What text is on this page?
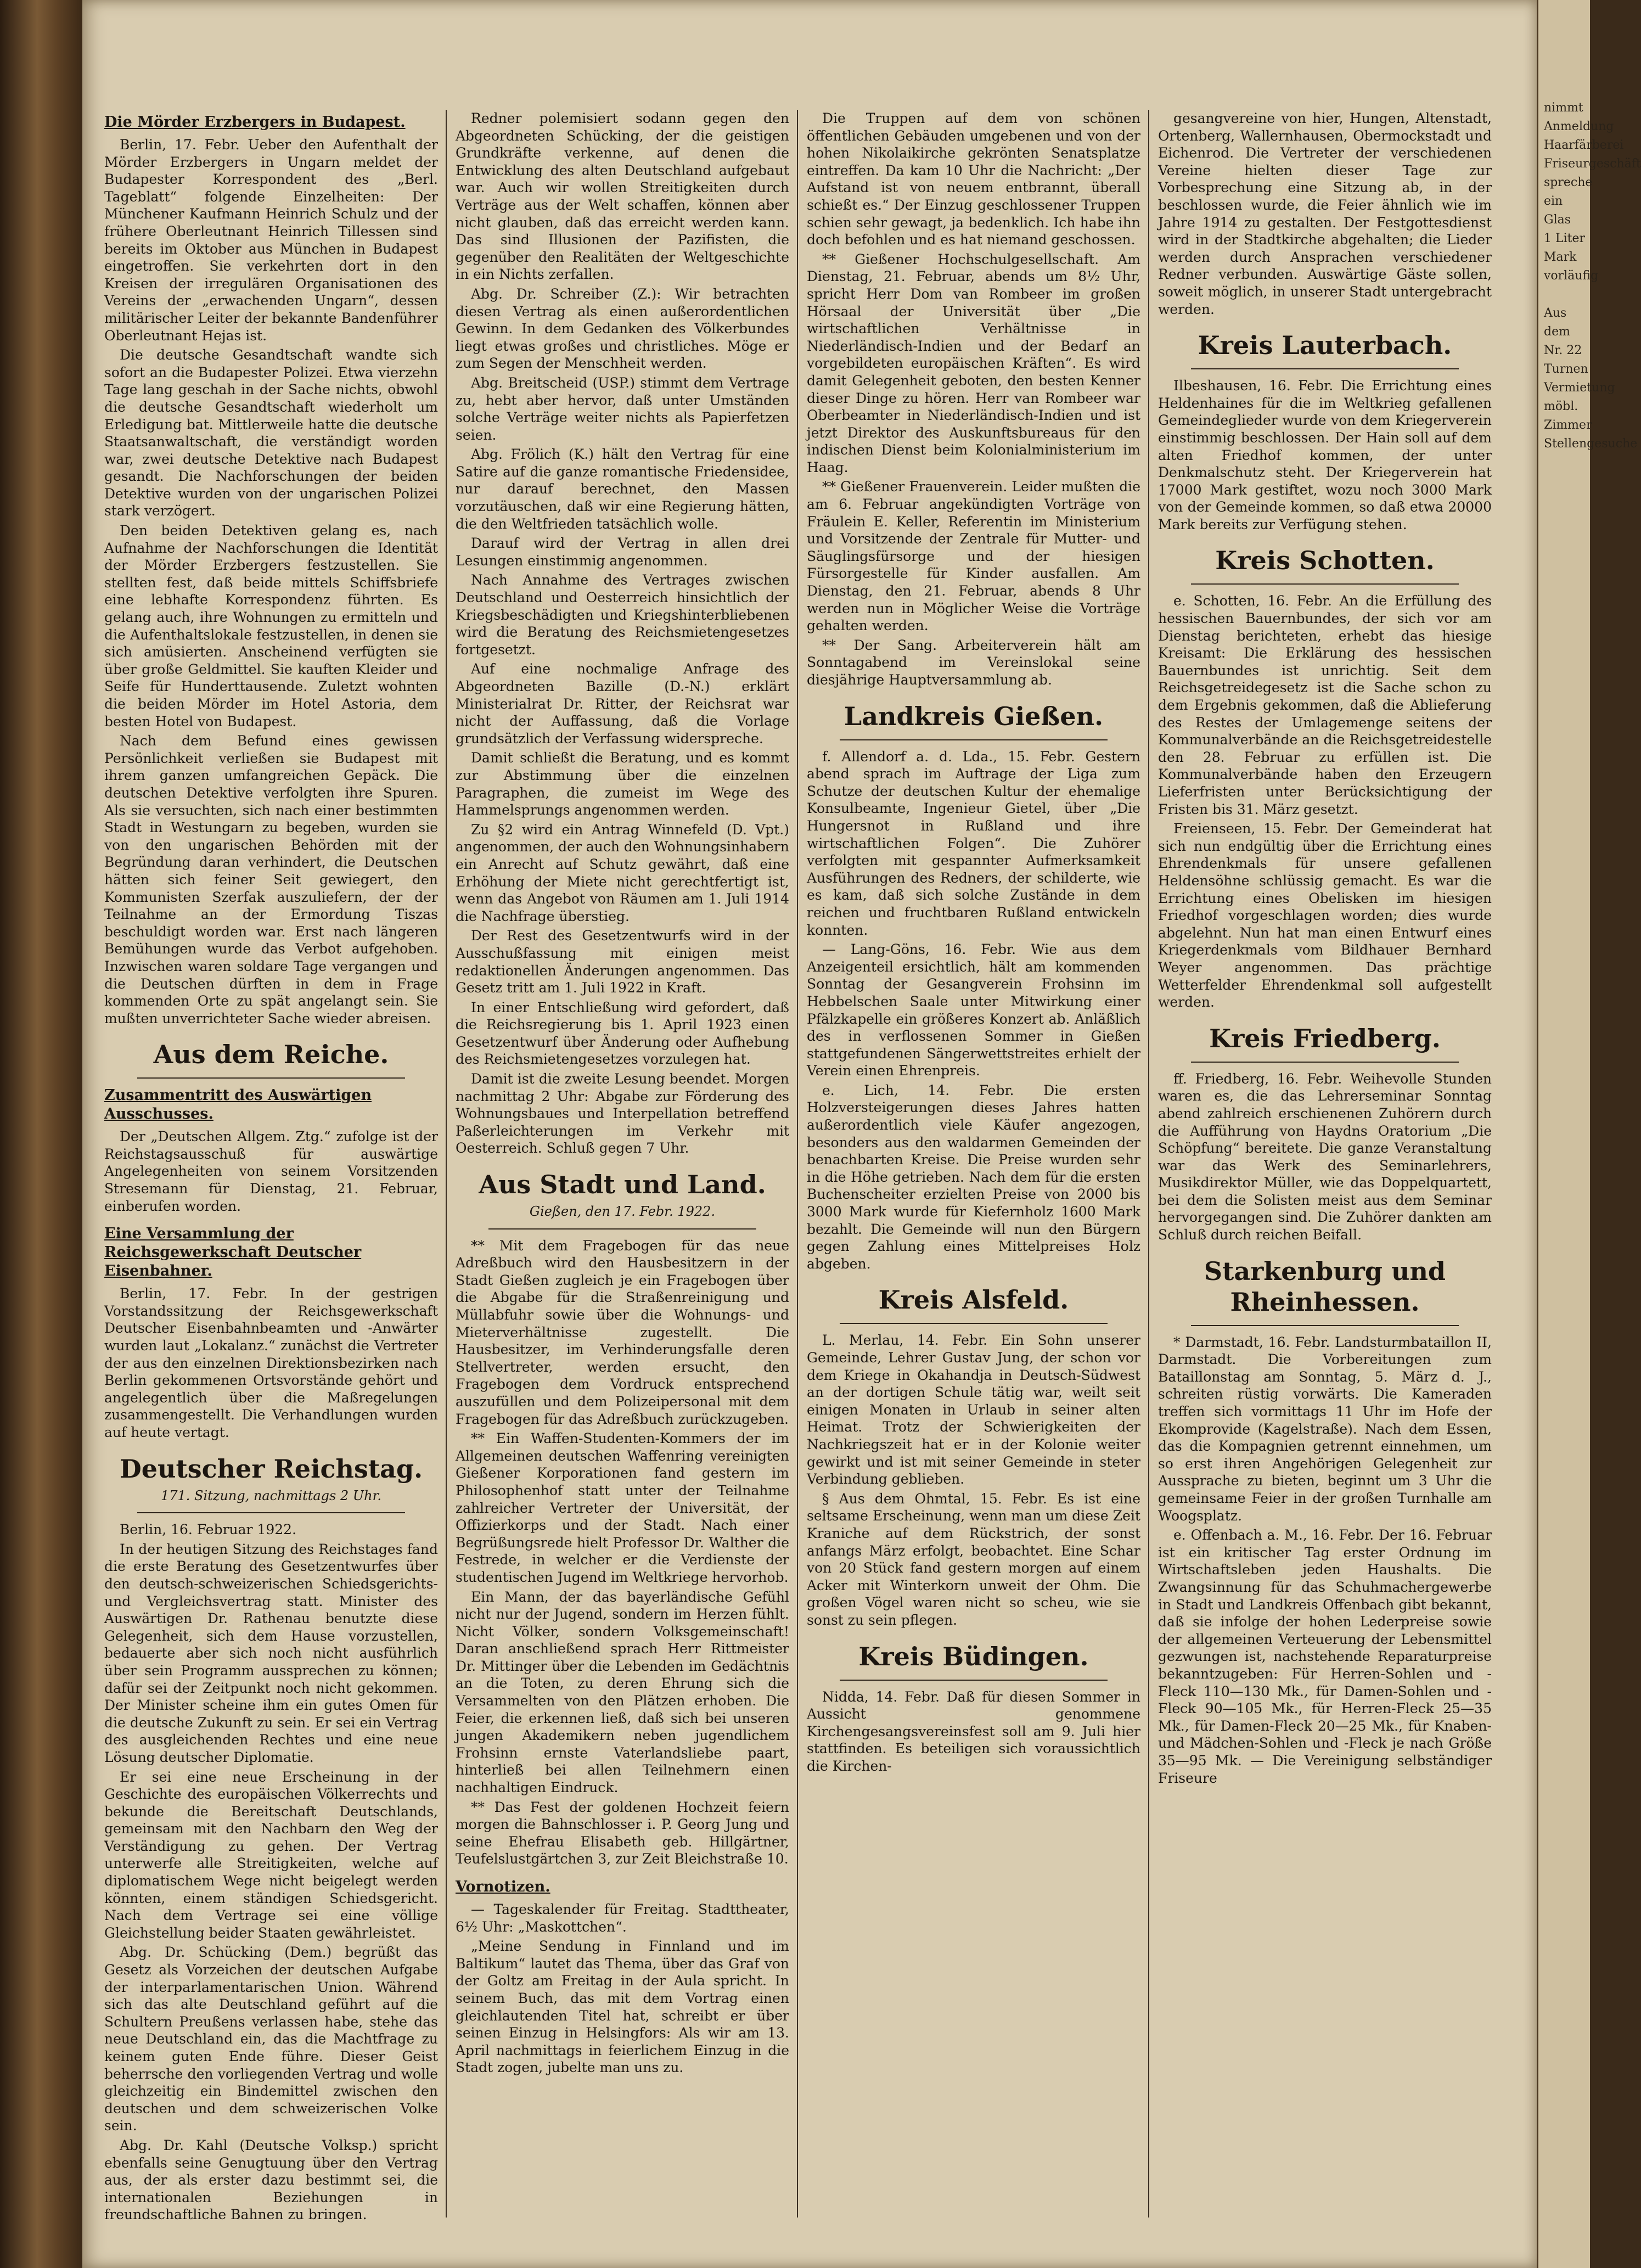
Die Mörder Erzbergers in Budapest.

Berlin, 17. Febr. Ueber den Aufenthalt der Mörder Erzbergers in Ungarn meldet der Budapester Korrespondent des „Berl. Tageblatt“ folgende Einzelheiten: Der Münchener Kaufmann Heinrich Schulz und der frühere Oberleutnant Heinrich Tillessen sind bereits im Oktober aus München in Budapest eingetroffen. Sie verkehrten dort in den Kreisen der irregulären Organisationen des Vereins der „erwachenden Ungarn“, dessen militärischer Leiter der bekannte Bandenführer Oberleutnant Hejas ist.

Die deutsche Gesandtschaft wandte sich sofort an die Budapester Polizei. Etwa vierzehn Tage lang geschah in der Sache nichts, obwohl die deutsche Gesandtschaft wiederholt um Erledigung bat. Mittlerweile hatte die deutsche Staatsanwaltschaft, die verständigt worden war, zwei deutsche Detektive nach Budapest gesandt. Die Nachforschungen der beiden Detektive wurden von der ungarischen Polizei stark verzögert.

Den beiden Detektiven gelang es, nach Aufnahme der Nachforschungen die Identität der Mörder Erzbergers festzustellen. Sie stellten fest, daß beide mittels Schiffsbriefe eine lebhafte Korrespondenz führten. Es gelang auch, ihre Wohnungen zu ermitteln und die Aufenthaltslokale festzustellen, in denen sie sich amüsierten. Anscheinend verfügten sie über große Geldmittel. Sie kauften Kleider und Seife für Hunderttausende. Zuletzt wohnten die beiden Mörder im Hotel Astoria, dem besten Hotel von Budapest.

Nach dem Befund eines gewissen Persönlichkeit verließen sie Budapest mit ihrem ganzen umfangreichen Gepäck. Die deutschen Detektive verfolgten ihre Spuren. Als sie versuchten, sich nach einer bestimmten Stadt in Westungarn zu begeben, wurden sie von den ungarischen Behörden mit der Begründung daran verhindert, die Deutschen hätten sich feiner Seit gewiegert, den Kommunisten Szerfak auszuliefern, der der Teilnahme an der Ermordung Tiszas beschuldigt worden war. Erst nach längeren Bemühungen wurde das Verbot aufgehoben. Inzwischen waren soldare Tage vergangen und die Deutschen dürften in dem in Frage kommenden Orte zu spät angelangt sein. Sie mußten unverrichteter Sache wieder abreisen.

Aus dem Reiche.
Zusammentritt des Auswärtigen Ausschusses.

Der „Deutschen Allgem. Ztg.“ zufolge ist der Reichstagsausschuß für auswärtige Angelegenheiten von seinem Vorsitzenden Stresemann für Dienstag, 21. Februar, einberufen worden.

Eine Versammlung der Reichsgewerkschaft Deutscher Eisenbahner.

Berlin, 17. Febr. In der gestrigen Vorstandssitzung der Reichsgewerkschaft Deutscher Eisenbahnbeamten und -Anwärter wurden laut „Lokalanz.“ zunächst die Vertreter der aus den einzelnen Direktionsbezirken nach Berlin gekommenen Ortsvorstände gehört und angelegentlich über die Maßregelungen zusammengestellt. Die Verhandlungen wurden auf heute vertagt.

Deutscher Reichstag.
171. Sitzung, nachmittags 2 Uhr.

Berlin, 16. Februar 1922.

In der heutigen Sitzung des Reichstages fand die erste Beratung des Gesetzentwurfes über den deutsch-schweizerischen Schiedsgerichts- und Vergleichsvertrag statt. Minister des Auswärtigen Dr. Rathenau benutzte diese Gelegenheit, sich dem Hause vorzustellen, bedauerte aber sich noch nicht ausführlich über sein Programm aussprechen zu können; dafür sei der Zeitpunkt noch nicht gekommen. Der Minister scheine ihm ein gutes Omen für die deutsche Zukunft zu sein. Er sei ein Vertrag des ausgleichenden Rechtes und eine neue Lösung deutscher Diplomatie.

Er sei eine neue Erscheinung in der Geschichte des europäischen Völkerrechts und bekunde die Bereitschaft Deutschlands, gemeinsam mit den Nachbarn den Weg der Verständigung zu gehen. Der Vertrag unterwerfe alle Streitigkeiten, welche auf diplomatischem Wege nicht beigelegt werden könnten, einem ständigen Schiedsgericht. Nach dem Vertrage sei eine völlige Gleichstellung beider Staaten gewährleistet.

Abg. Dr. Schücking (Dem.) begrüßt das Gesetz als Vorzeichen der deutschen Aufgabe der interparlamentarischen Union. Während sich das alte Deutschland geführt auf die Schultern Preußens verlassen habe, stehe das neue Deutschland ein, das die Machtfrage zu keinem guten Ende führe. Dieser Geist beherrsche den vorliegenden Vertrag und wolle gleichzeitig ein Bindemittel zwischen den deutschen und dem schweizerischen Volke sein.

Abg. Dr. Kahl (Deutsche Volksp.) spricht ebenfalls seine Genugtuung über den Vertrag aus, der als erster dazu bestimmt sei, die internationalen Beziehungen in freundschaftliche Bahnen zu bringen.

Redner polemisiert sodann gegen den Abgeordneten Schücking, der die geistigen Grundkräfte verkenne, auf denen die Entwicklung des alten Deutschland aufgebaut war. Auch wir wollen Streitigkeiten durch Verträge aus der Welt schaffen, können aber nicht glauben, daß das erreicht werden kann. Das sind Illusionen der Pazifisten, die gegenüber den Realitäten der Weltgeschichte in ein Nichts zerfallen.

Abg. Dr. Schreiber (Z.): Wir betrachten diesen Vertrag als einen außerordentlichen Gewinn. In dem Gedanken des Völkerbundes liegt etwas großes und christliches. Möge er zum Segen der Menschheit werden.

Abg. Breitscheid (USP.) stimmt dem Vertrage zu, hebt aber hervor, daß unter Umständen solche Verträge weiter nichts als Papierfetzen seien.

Abg. Frölich (K.) hält den Vertrag für eine Satire auf die ganze romantische Friedensidee, nur darauf berechnet, den Massen vorzutäuschen, daß wir eine Regierung hätten, die den Weltfrieden tatsächlich wolle.

Darauf wird der Vertrag in allen drei Lesungen einstimmig angenommen.

Nach Annahme des Vertrages zwischen Deutschland und Oesterreich hinsichtlich der Kriegsbeschädigten und Kriegshinterbliebenen wird die Beratung des Reichsmietengesetzes fortgesetzt.

Auf eine nochmalige Anfrage des Abgeordneten Bazille (D.-N.) erklärt Ministerialrat Dr. Ritter, der Reichsrat war nicht der Auffassung, daß die Vorlage grundsätzlich der Verfassung widerspreche.

Damit schließt die Beratung, und es kommt zur Abstimmung über die einzelnen Paragraphen, die zumeist im Wege des Hammelsprungs angenommen werden.

Zu §2 wird ein Antrag Winnefeld (D. Vpt.) angenommen, der auch den Wohnungsinhabern ein Anrecht auf Schutz gewährt, daß eine Erhöhung der Miete nicht gerechtfertigt ist, wenn das Angebot von Räumen am 1. Juli 1914 die Nachfrage überstieg.

Der Rest des Gesetzentwurfs wird in der Ausschußfassung mit einigen meist redaktionellen Änderungen angenommen. Das Gesetz tritt am 1. Juli 1922 in Kraft.

In einer Entschließung wird gefordert, daß die Reichsregierung bis 1. April 1923 einen Gesetzentwurf über Änderung oder Aufhebung des Reichsmietengesetzes vorzulegen hat.

Damit ist die zweite Lesung beendet. Morgen nachmittag 2 Uhr: Abgabe zur Förderung des Wohnungsbaues und Interpellation betreffend Paßerleichterungen im Verkehr mit Oesterreich. Schluß gegen 7 Uhr.

Aus Stadt und Land.
Gießen, den 17. Febr. 1922.

** Mit dem Fragebogen für das neue Adreßbuch wird den Hausbesitzern in der Stadt Gießen zugleich je ein Fragebogen über die Abgabe für die Straßenreinigung und Müllabfuhr sowie über die Wohnungs- und Mieterverhältnisse zugestellt. Die Hausbesitzer, im Verhinderungsfalle deren Stellvertreter, werden ersucht, den Fragebogen dem Vordruck entsprechend auszufüllen und dem Polizeipersonal mit dem Fragebogen für das Adreßbuch zurückzugeben.

** Ein Waffen-Studenten-Kommers der im Allgemeinen deutschen Waffenring vereinigten Gießener Korporationen fand gestern im Philosophenhof statt unter der Teilnahme zahlreicher Vertreter der Universität, der Offizierkorps und der Stadt. Nach einer Begrüßungsrede hielt Professor Dr. Walther die Festrede, in welcher er die Verdienste der studentischen Jugend im Weltkriege hervorhob.

Ein Mann, der das bayerländische Gefühl nicht nur der Jugend, sondern im Herzen fühlt. Nicht Völker, sondern Volksgemeinschaft! Daran anschließend sprach Herr Rittmeister Dr. Mittinger über die Lebenden im Gedächtnis an die Toten, zu deren Ehrung sich die Versammelten von den Plätzen erhoben. Die Feier, die erkennen ließ, daß sich bei unseren jungen Akademikern neben jugendlichem Frohsinn ernste Vaterlandsliebe paart, hinterließ bei allen Teilnehmern einen nachhaltigen Eindruck.

** Das Fest der goldenen Hochzeit feiern morgen die Bahnschlosser i. P. Georg Jung und seine Ehefrau Elisabeth geb. Hillgärtner, Teufelslustgärtchen 3, zur Zeit Bleichstraße 10.

Vornotizen.

— Tageskalender für Freitag. Stadttheater, 6½ Uhr: „Maskottchen“.

„Meine Sendung in Finnland und im Baltikum“ lautet das Thema, über das Graf von der Goltz am Freitag in der Aula spricht. In seinem Buch, das mit dem Vortrag einen gleichlautenden Titel hat, schreibt er über seinen Einzug in Helsingfors: Als wir am 13. April nachmittags in feierlichem Einzug in die Stadt zogen, jubelte man uns zu.

Die Truppen auf dem von schönen öffentlichen Gebäuden umgebenen und von der hohen Nikolaikirche gekrönten Senatsplatze eintreffen. Da kam 10 Uhr die Nachricht: „Der Aufstand ist von neuem entbrannt, überall schießt es.“ Der Einzug geschlossener Truppen schien sehr gewagt, ja bedenklich. Ich habe ihn doch befohlen und es hat niemand geschossen.

** Gießener Hochschulgesellschaft. Am Dienstag, 21. Februar, abends um 8½ Uhr, spricht Herr Dom van Rombeer im großen Hörsaal der Universität über „Die wirtschaftlichen Verhältnisse in Niederländisch-Indien und der Bedarf an vorgebildeten europäischen Kräften“. Es wird damit Gelegenheit geboten, den besten Kenner dieser Dinge zu hören. Herr van Rombeer war Oberbeamter in Niederländisch-Indien und ist jetzt Direktor des Auskunftsbureaus für den indischen Dienst beim Kolonialministerium im Haag.

** Gießener Frauenverein. Leider mußten die am 6. Februar angekündigten Vorträge von Fräulein E. Keller, Referentin im Ministerium und Vorsitzende der Zentrale für Mutter- und Säuglingsfürsorge und der hiesigen Fürsorgestelle für Kinder ausfallen. Am Dienstag, den 21. Februar, abends 8 Uhr werden nun in Möglicher Weise die Vorträge gehalten werden.

** Der Sang. Arbeiterverein hält am Sonntagabend im Vereinslokal seine diesjährige Hauptversammlung ab.

Landkreis Gießen.

f. Allendorf a. d. Lda., 15. Febr. Gestern abend sprach im Auftrage der Liga zum Schutze der deutschen Kultur der ehemalige Konsulbeamte, Ingenieur Gietel, über „Die Hungersnot in Rußland und ihre wirtschaftlichen Folgen“. Die Zuhörer verfolgten mit gespannter Aufmerksamkeit Ausführungen des Redners, der schilderte, wie es kam, daß sich solche Zustände in dem reichen und fruchtbaren Rußland entwickeln konnten.

— Lang-Göns, 16. Febr. Wie aus dem Anzeigenteil ersichtlich, hält am kommenden Sonntag der Gesangverein Frohsinn im Hebbelschen Saale unter Mitwirkung einer Pfälzkapelle ein größeres Konzert ab. Anläßlich des in verflossenen Sommer in Gießen stattgefundenen Sängerwettstreites erhielt der Verein einen Ehrenpreis.

e. Lich, 14. Febr. Die ersten Holzversteigerungen dieses Jahres hatten außerordentlich viele Käufer angezogen, besonders aus den waldarmen Gemeinden der benachbarten Kreise. Die Preise wurden sehr in die Höhe getrieben. Nach dem für die ersten Buchenscheiter erzielten Preise von 2000 bis 3000 Mark wurde für Kiefernholz 1600 Mark bezahlt. Die Gemeinde will nun den Bürgern gegen Zahlung eines Mittelpreises Holz abgeben.

Kreis Alsfeld.

L. Merlau, 14. Febr. Ein Sohn unserer Gemeinde, Lehrer Gustav Jung, der schon vor dem Kriege in Okahandja in Deutsch-Südwest an der dortigen Schule tätig war, weilt seit einigen Monaten in Urlaub in seiner alten Heimat. Trotz der Schwierigkeiten der Nachkriegszeit hat er in der Kolonie weiter gewirkt und ist mit seiner Gemeinde in steter Verbindung geblieben.

§ Aus dem Ohmtal, 15. Febr. Es ist eine seltsame Erscheinung, wenn man um diese Zeit Kraniche auf dem Rückstrich, der sonst anfangs März erfolgt, beobachtet. Eine Schar von 20 Stück fand gestern morgen auf einem Acker mit Winterkorn unweit der Ohm. Die großen Vögel waren nicht so scheu, wie sie sonst zu sein pflegen.

Kreis Büdingen.

Nidda, 14. Febr. Daß für diesen Sommer in Aussicht genommene Kirchengesangsvereinsfest soll am 9. Juli hier stattfinden. Es beteiligen sich voraussichtlich die Kirchen-

gesangvereine von hier, Hungen, Altenstadt, Ortenberg, Wallernhausen, Obermockstadt und Eichenrod. Die Vertreter der verschiedenen Vereine hielten dieser Tage zur Vorbesprechung eine Sitzung ab, in der beschlossen wurde, die Feier ähnlich wie im Jahre 1914 zu gestalten. Der Festgottesdienst wird in der Stadtkirche abgehalten; die Lieder werden durch Ansprachen verschiedener Redner verbunden. Auswärtige Gäste sollen, soweit möglich, in unserer Stadt untergebracht werden.

Kreis Lauterbach.

Ilbeshausen, 16. Febr. Die Errichtung eines Heldenhaines für die im Weltkrieg gefallenen Gemeindeglieder wurde von dem Kriegerverein einstimmig beschlossen. Der Hain soll auf dem alten Friedhof kommen, der unter Denkmalschutz steht. Der Kriegerverein hat 17000 Mark gestiftet, wozu noch 3000 Mark von der Gemeinde kommen, so daß etwa 20000 Mark bereits zur Verfügung stehen.

Kreis Schotten.

e. Schotten, 16. Febr. An die Erfüllung des hessischen Bauernbundes, der sich vor am Dienstag berichteten, erhebt das hiesige Kreisamt: Die Erklärung des hessischen Bauernbundes ist unrichtig. Seit dem Reichsgetreidegesetz ist die Sache schon zu dem Ergebnis gekommen, daß die Ablieferung des Restes der Umlagemenge seitens der Kommunalverbände an die Reichsgetreidestelle den 28. Februar zu erfüllen ist. Die Kommunalverbände haben den Erzeugern Lieferfristen unter Berücksichtigung der Fristen bis 31. März gesetzt.

Freienseen, 15. Febr. Der Gemeinderat hat sich nun endgültig über die Errichtung eines Ehrendenkmals für unsere gefallenen Heldensöhne schlüssig gemacht. Es war die Errichtung eines Obelisken im hiesigen Friedhof vorgeschlagen worden; dies wurde abgelehnt. Nun hat man einen Entwurf eines Kriegerdenkmals vom Bildhauer Bernhard Weyer angenommen. Das prächtige Wetterfelder Ehrendenkmal soll aufgestellt werden.

Kreis Friedberg.

ff. Friedberg, 16. Febr. Weihevolle Stunden waren es, die das Lehrerseminar Sonntag abend zahlreich erschienenen Zuhörern durch die Aufführung von Haydns Oratorium „Die Schöpfung“ bereitete. Die ganze Veranstaltung war das Werk des Seminarlehrers, Musikdirektor Müller, wie das Doppelquartett, bei dem die Solisten meist aus dem Seminar hervorgegangen sind. Die Zuhörer dankten am Schluß durch reichen Beifall.

Starkenburg und Rheinhessen.

* Darmstadt, 16. Febr. Landsturmbataillon II, Darmstadt. Die Vorbereitungen zum Bataillonstag am Sonntag, 5. März d. J., schreiten rüstig vorwärts. Die Kameraden treffen sich vormittags 11 Uhr im Hofe der Ekomprovide (Kagelstraße). Nach dem Essen, das die Kompagnien getrennt einnehmen, um so erst ihren Angehörigen Gelegenheit zur Aussprache zu bieten, beginnt um 3 Uhr die gemeinsame Feier in der großen Turnhalle am Woogsplatz.

e. Offenbach a. M., 16. Febr. Der 16. Februar ist ein kritischer Tag erster Ordnung im Wirtschaftsleben jeden Haushalts. Die Zwangsinnung für das Schuhmachergewerbe in Stadt und Landkreis Offenbach gibt bekannt, daß sie infolge der hohen Lederpreise sowie der allgemeinen Verteuerung der Lebensmittel gezwungen ist, nachstehende Reparaturpreise bekanntzugeben: Für Herren-Sohlen und -Fleck 110—130 Mk., für Damen-Sohlen und -Fleck 90—105 Mk., für Herren-Fleck 25—35 Mk., für Damen-Fleck 20—25 Mk., für Knaben- und Mädchen-Sohlen und -Fleck je nach Größe 35—95 Mk. — Die Vereinigung selbständiger Friseure

nimmt Anmeldung
Haarfärberei
Friseurgeschäft
spreche
ein Glas
1 Liter
Mark
vorläufig

Aus dem
Nr. 22
Turnen
Vermietung
möbl. Zimmer
Stellengesuche
